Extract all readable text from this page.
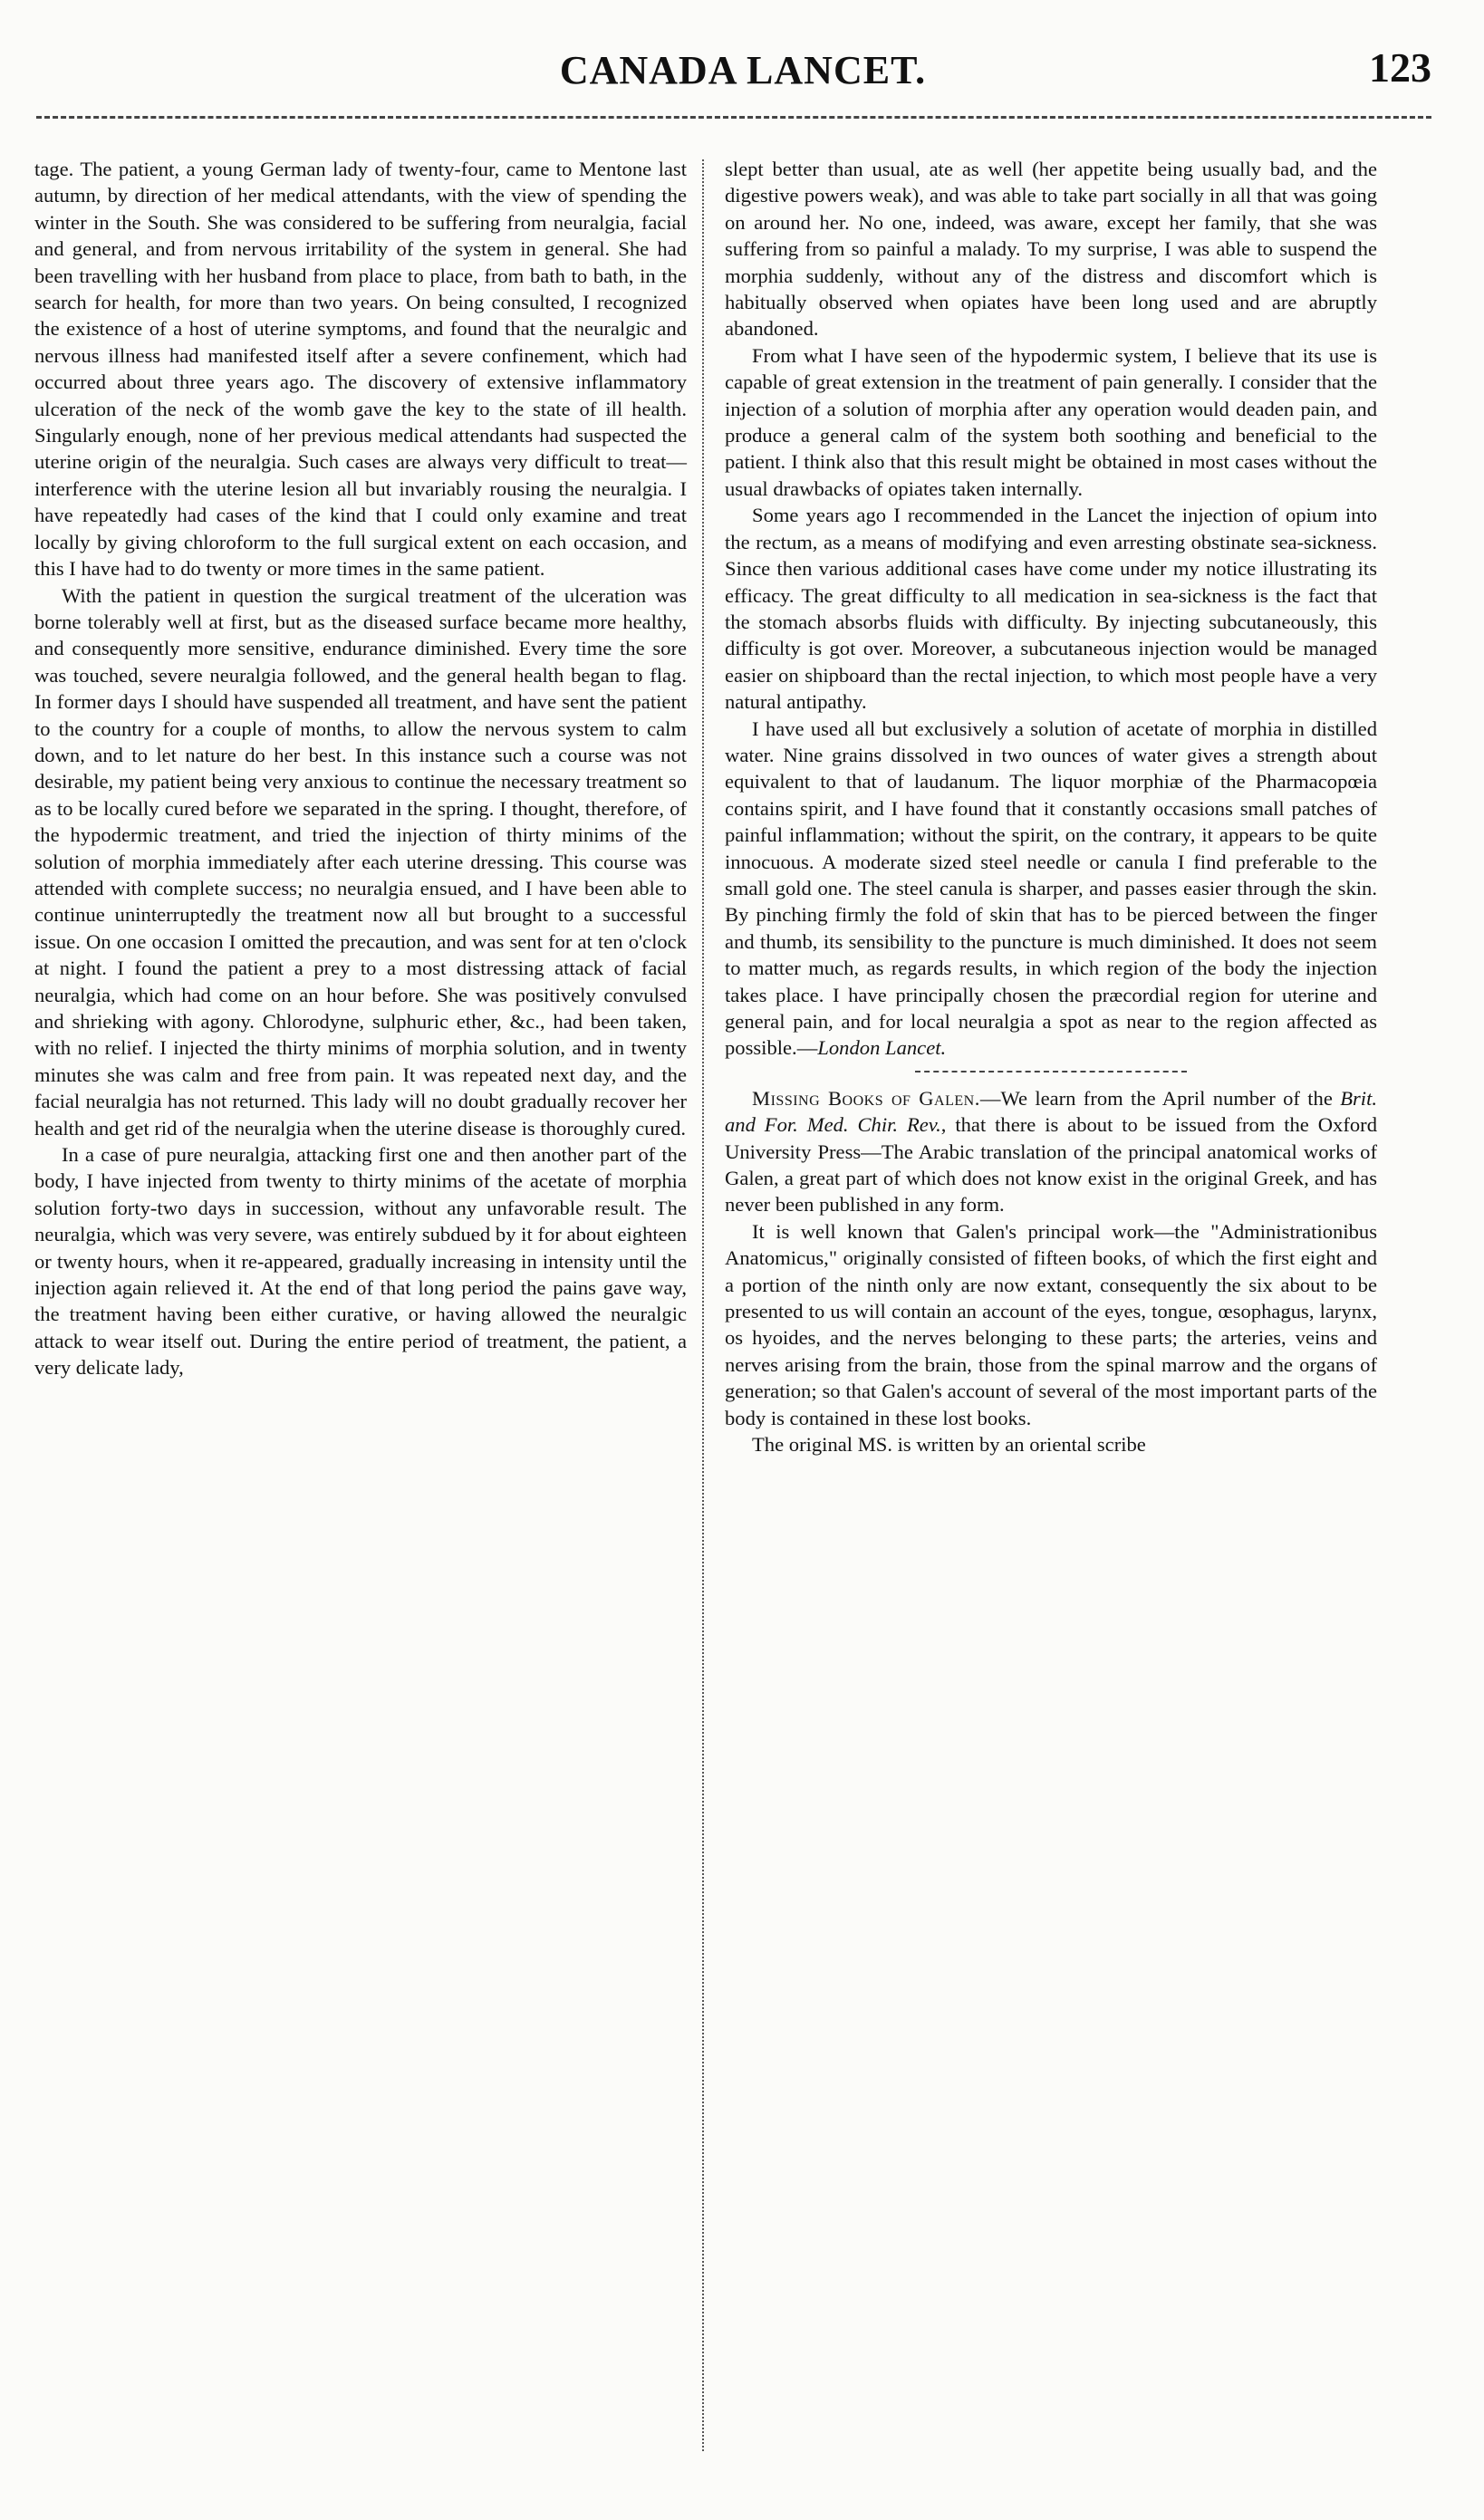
CANADA LANCET.	123

tage. The patient, a young German lady of twenty-four, came to Mentone last autumn, by direction of her medical attendants, with the view of spending the winter in the South. She was considered to be suffering from neuralgia, facial and general, and from nervous irritability of the system in general. She had been travelling with her husband from place to place, from bath to bath, in the search for health, for more than two years. On being consulted, I recognized the existence of a host of uterine symptoms, and found that the neuralgic and nervous illness had manifested itself after a severe confinement, which had occurred about three years ago. The discovery of extensive inflammatory ulceration of the neck of the womb gave the key to the state of ill health. Singularly enough, none of her previous medical attendants had suspected the uterine origin of the neuralgia. Such cases are always very difficult to treat—interference with the uterine lesion all but invariably rousing the neuralgia. I have repeatedly had cases of the kind that I could only examine and treat locally by giving chloroform to the full surgical extent on each occasion, and this I have had to do twenty or more times in the same patient.

With the patient in question the surgical treatment of the ulceration was borne tolerably well at first, but as the diseased surface became more healthy, and consequently more sensitive, endurance diminished. Every time the sore was touched, severe neuralgia followed, and the general health began to flag. In former days I should have suspended all treatment, and have sent the patient to the country for a couple of months, to allow the nervous system to calm down, and to let nature do her best. In this instance such a course was not desirable, my patient being very anxious to continue the necessary treatment so as to be locally cured before we separated in the spring. I thought, therefore, of the hypodermic treatment, and tried the injection of thirty minims of the solution of morphia immediately after each uterine dressing. This course was attended with complete success; no neuralgia ensued, and I have been able to continue uninterruptedly the treatment now all but brought to a successful issue. On one occasion I omitted the precaution, and was sent for at ten o'clock at night. I found the patient a prey to a most distressing attack of facial neuralgia, which had come on an hour before. She was positively convulsed and shrieking with agony. Chlorodyne, sulphuric ether, &c., had been taken, with no relief. I injected the thirty minims of morphia solution, and in twenty minutes she was calm and free from pain. It was repeated next day, and the facial neuralgia has not returned. This lady will no doubt gradually recover her health and get rid of the neuralgia when the uterine disease is thoroughly cured.

In a case of pure neuralgia, attacking first one and then another part of the body, I have injected from twenty to thirty minims of the acetate of morphia solution forty-two days in succession, without any unfavorable result. The neuralgia, which was very severe, was entirely subdued by it for about eighteen or twenty hours, when it re-appeared, gradually increasing in intensity until the injection again relieved it. At the end of that long period the pains gave way, the treatment having been either curative, or having allowed the neuralgic attack to wear itself out. During the entire period of treatment, the patient, a very delicate lady,

slept better than usual, ate as well (her appetite being usually bad, and the digestive powers weak), and was able to take part socially in all that was going on around her. No one, indeed, was aware, except her family, that she was suffering from so painful a malady. To my surprise, I was able to suspend the morphia suddenly, without any of the distress and discomfort which is habitually observed when opiates have been long used and are abruptly abandoned.

From what I have seen of the hypodermic system, I believe that its use is capable of great extension in the treatment of pain generally. I consider that the injection of a solution of morphia after any operation would deaden pain, and produce a general calm of the system both soothing and beneficial to the patient. I think also that this result might be obtained in most cases without the usual drawbacks of opiates taken internally.

Some years ago I recommended in the Lancet the injection of opium into the rectum, as a means of modifying and even arresting obstinate sea-sickness. Since then various additional cases have come under my notice illustrating its efficacy. The great difficulty to all medication in sea-sickness is the fact that the stomach absorbs fluids with difficulty. By injecting subcutaneously, this difficulty is got over. Moreover, a subcutaneous injection would be managed easier on shipboard than the rectal injection, to which most people have a very natural antipathy.

I have used all but exclusively a solution of acetate of morphia in distilled water. Nine grains dissolved in two ounces of water gives a strength about equivalent to that of laudanum. The liquor morphiæ of the Pharmacopœia contains spirit, and I have found that it constantly occasions small patches of painful inflammation; without the spirit, on the contrary, it appears to be quite innocuous. A moderate sized steel needle or canula I find preferable to the small gold one. The steel canula is sharper, and passes easier through the skin. By pinching firmly the fold of skin that has to be pierced between the finger and thumb, its sensibility to the puncture is much diminished. It does not seem to matter much, as regards results, in which region of the body the injection takes place. I have principally chosen the præcordial region for uterine and general pain, and for local neuralgia a spot as near to the region affected as possible.—London Lancet.

Missing Books of Galen.—We learn from the April number of the Brit. and For. Med. Chir. Rev., that there is about to be issued from the Oxford University Press—The Arabic translation of the principal anatomical works of Galen, a great part of which does not know exist in the original Greek, and has never been published in any form.

It is well known that Galen's principal work—the "Administrationibus Anatomicus," originally consisted of fifteen books, of which the first eight and a portion of the ninth only are now extant, consequently the six about to be presented to us will contain an account of the eyes, tongue, œsophagus, larynx, os hyoides, and the nerves belonging to these parts; the arteries, veins and nerves arising from the brain, those from the spinal marrow and the organs of generation; so that Galen's account of several of the most important parts of the body is contained in these lost books.

The original MS. is written by an oriental scribe
